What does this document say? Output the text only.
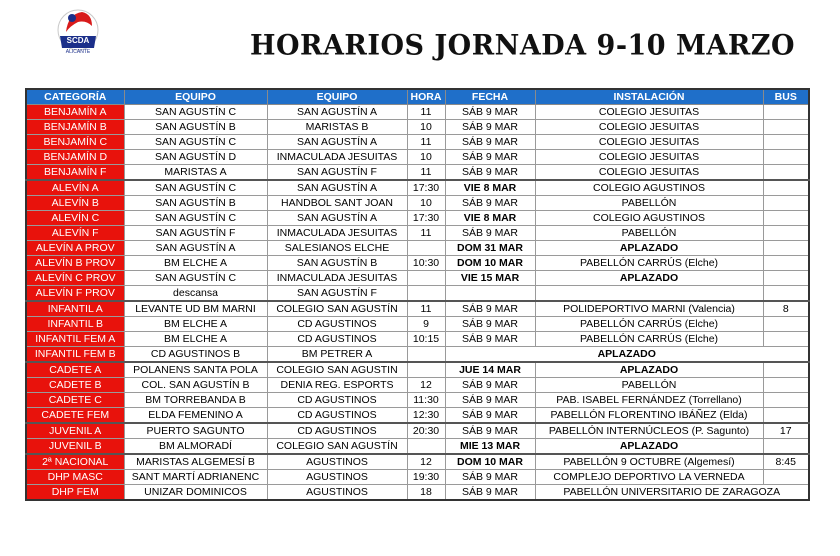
SCDA
ALICANTE	HORARIOS JORNADA 9-10 MARZO
CATEGORÍA	EQUIPO	EQUIPO	HORA	FECHA	INSTALACIÓN	BUS
BENJAMÍN A	SAN AGUSTÍN C	SAN AGUSTÍN A	11	SÁB 9 MAR	COLEGIO JESUITAS	
BENJAMÍN B	SAN AGUSTÍN B	MARISTAS B	10	SÁB 9 MAR	COLEGIO JESUITAS	
BENJAMÍN C	SAN AGUSTÍN C	SAN AGUSTÍN A	11	SÁB 9 MAR	COLEGIO JESUITAS	
BENJAMÍN D	SAN AGUSTÍN D	INMACULADA JESUITAS	10	SÁB 9 MAR	COLEGIO JESUITAS	
BENJAMÍN F	MARISTAS A	SAN AGUSTÍN F	11	SÁB 9 MAR	COLEGIO JESUITAS	
ALEVÍN A	SAN AGUSTÍN C	SAN AGUSTÍN A	17:30	VIE 8 MAR	COLEGIO AGUSTINOS	
ALEVÍN B	SAN AGUSTÍN B	HANDBOL SANT JOAN	10	SÁB 9 MAR	PABELLÓN	
ALEVÍN C	SAN AGUSTÍN C	SAN AGUSTÍN A	17:30	VIE 8 MAR	COLEGIO AGUSTINOS	
ALEVÍN F	SAN AGUSTÍN F	INMACULADA JESUITAS	11	SÁB 9 MAR	PABELLÓN	
ALEVÍN A PROV	SAN AGUSTÍN A	SALESIANOS ELCHE		DOM 31 MAR	APLAZADO	
ALEVÍN B PROV	BM ELCHE A	SAN AGUSTÍN B	10:30	DOM 10 MAR	PABELLÓN CARRÚS (Elche)	
ALEVÍN C PROV	SAN AGUSTÍN C	INMACULADA JESUITAS		VIE 15 MAR	APLAZADO	
ALEVÍN F PROV	descansa	SAN AGUSTÍN F				
INFANTIL A	LEVANTE UD BM MARNI	COLEGIO SAN AGUSTÍN	11	SÁB 9 MAR	POLIDEPORTIVO MARNI (Valencia)	8
INFANTIL B	BM ELCHE A	CD AGUSTINOS	9	SÁB 9 MAR	PABELLÓN CARRÚS (Elche)	
INFANTIL FEM A	BM ELCHE A	CD AGUSTINOS	10:15	SÁB 9 MAR	PABELLÓN CARRÚS (Elche)	
INFANTIL FEM B	CD AGUSTINOS B	BM PETRER A		APLAZADO		
CADETE A	POLANENS SANTA POLA	COLEGIO SAN AGUSTIN		JUE 14 MAR	APLAZADO	
CADETE B	COL. SAN AGUSTÍN B	DENIA REG. ESPORTS	12	SÁB 9 MAR	PABELLÓN	
CADETE C	BM TORREBANDA B	CD AGUSTINOS	11:30	SÁB 9 MAR	PAB. ISABEL FERNÁNDEZ (Torrellano)	
CADETE FEM	ELDA FEMENINO A	CD AGUSTINOS	12:30	SÁB 9 MAR	PABELLÓN FLORENTINO IBÁÑEZ (Elda)	
JUVENIL A	PUERTO SAGUNTO	CD AGUSTINOS	20:30	SÁB 9 MAR	PABELLÓN INTERNÚCLEOS (P. Sagunto)	17
JUVENIL B	BM ALMORADÍ	COLEGIO SAN AGUSTÍN		MIE 13 MAR	APLAZADO	
2ª NACIONAL	MARISTAS ALGEMESÍ B	AGUSTINOS	12	DOM 10 MAR	PABELLÓN 9 OCTUBRE (Algemesí)	8:45
DHP MASC	SANT MARTÍ ADRIANENC	AGUSTINOS	19:30	SÁB 9 MAR	COMPLEJO DEPORTIVO LA VERNEDA	
DHP FEM	UNIZAR DOMINICOS	AGUSTINOS	18	SÁB 9 MAR	PABELLÓN UNIVERSITARIO DE ZARAGOZA	
